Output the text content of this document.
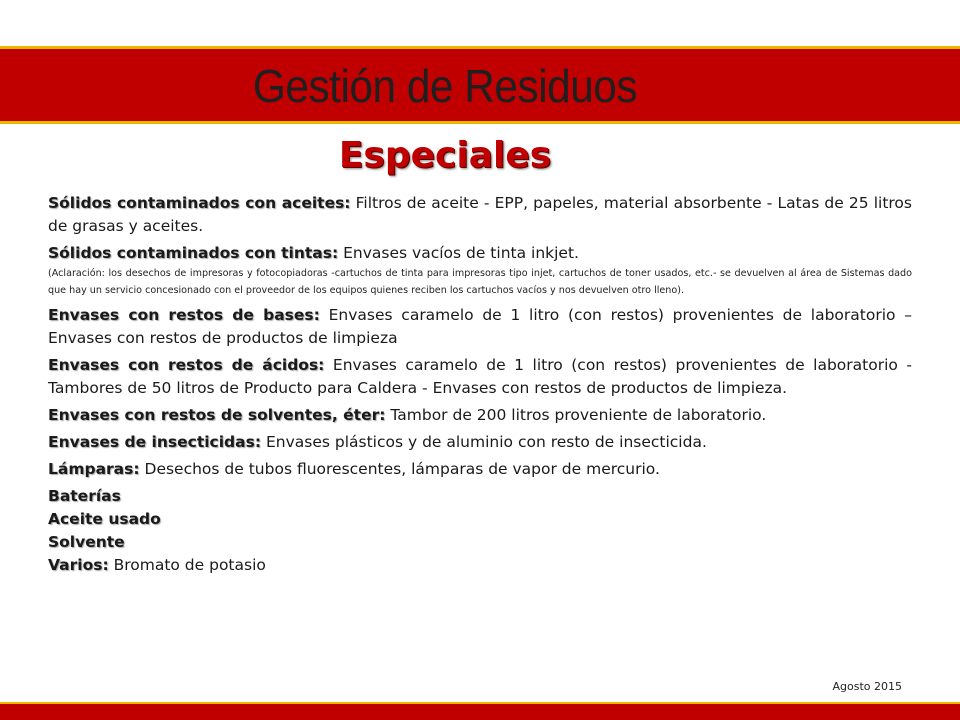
Gestión de Residuos
Especiales
Sólidos contaminados con aceites: Filtros de aceite - EPP, papeles, material absorbente - Latas de 25 litros de grasas y aceites.
Sólidos contaminados con tintas: Envases vacíos de tinta inkjet.
(Aclaración: los desechos de impresoras y fotocopiadoras -cartuchos de tinta para impresoras tipo injet, cartuchos de toner usados, etc.- se devuelven al área de Sistemas dado que hay un servicio concesionado con el proveedor de los equipos quienes reciben los cartuchos vacíos y nos devuelven otro lleno).
Envases con restos de bases: Envases caramelo de 1 litro (con restos) provenientes de laboratorio – Envases con restos de productos de limpieza
Envases con restos de ácidos: Envases caramelo de 1 litro (con restos) provenientes de laboratorio - Tambores de 50 litros de Producto para Caldera - Envases con restos de productos de limpieza.
Envases con restos de solventes, éter: Tambor de 200 litros proveniente de laboratorio.
Envases de insecticidas: Envases plásticos y de aluminio con resto de insecticida.
Lámparas: Desechos de tubos fluorescentes, lámparas de vapor de mercurio.
Baterías
Aceite usado
Solvente
Varios: Bromato de potasio
Agosto 2015
